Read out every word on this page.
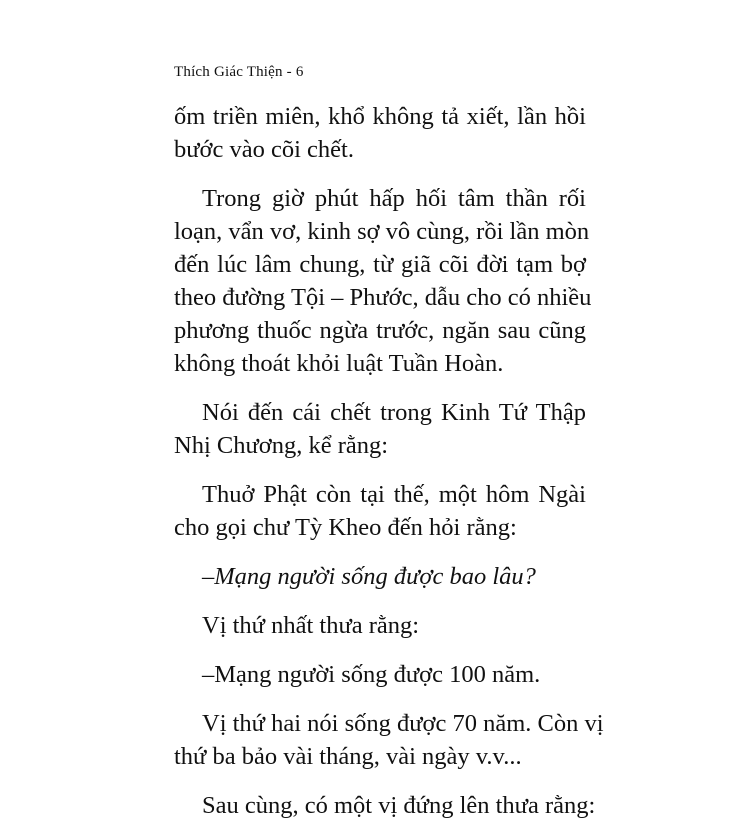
Thích Giác Thiện - 6
ốm triền miên, khổ không tả xiết, lần hồi
bước vào cõi chết.
Trong giờ phút hấp hối tâm thần rối
loạn, vẩn vơ, kinh sợ vô cùng, rồi lần mòn
đến lúc lâm chung, từ giã cõi đời tạm bợ
theo đường Tội – Phước, dẫu cho có nhiều
phương thuốc ngừa trước, ngăn sau cũng
không thoát khỏi luật Tuần Hoàn.
Nói đến cái chết trong Kinh Tứ Thập
Nhị Chương, kể rằng:
Thuở Phật còn tại thế, một hôm Ngài
cho gọi chư Tỳ Kheo đến hỏi rằng:
–Mạng người sống được bao lâu?
Vị thứ nhất thưa rằng:
–Mạng người sống được 100 năm.
Vị thứ hai nói sống được 70 năm. Còn vị
thứ ba bảo vài tháng, vài ngày v.v...
Sau cùng, có một vị đứng lên thưa rằng:
